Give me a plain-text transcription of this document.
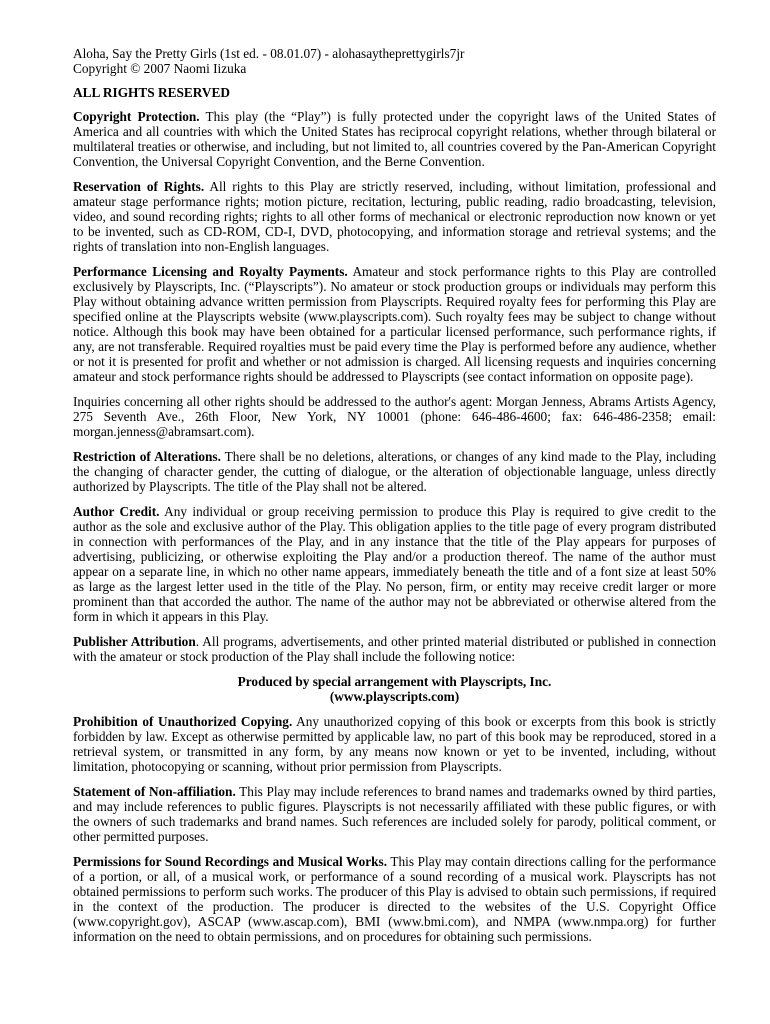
Aloha, Say the Pretty Girls (1st ed. - 08.01.07) - alohasaytheprettygirls7jr
Copyright © 2007 Naomi Iizuka
ALL RIGHTS RESERVED

Copyright Protection. This play (the “Play”) is fully protected under the copyright laws of the United States of America and all countries with which the United States has reciprocal copyright relations, whether through bilateral or multilateral treaties or otherwise, and including, but not limited to, all countries covered by the Pan-American Copyright Convention, the Universal Copyright Convention, and the Berne Convention.

Reservation of Rights. All rights to this Play are strictly reserved, including, without limitation, professional and amateur stage performance rights; motion picture, recitation, lecturing, public reading, radio broadcasting, television, video, and sound recording rights; rights to all other forms of mechanical or electronic reproduction now known or yet to be invented, such as CD-ROM, CD-I, DVD, photocopying, and information storage and retrieval systems; and the rights of translation into non-English languages.

Performance Licensing and Royalty Payments. Amateur and stock performance rights to this Play are controlled exclusively by Playscripts, Inc. (“Playscripts”). No amateur or stock production groups or individuals may perform this Play without obtaining advance written permission from Playscripts. Required royalty fees for performing this Play are specified online at the Playscripts website (www.playscripts.com). Such royalty fees may be subject to change without notice. Although this book may have been obtained for a particular licensed performance, such performance rights, if any, are not transferable. Required royalties must be paid every time the Play is performed before any audience, whether or not it is presented for profit and whether or not admission is charged. All licensing requests and inquiries concerning amateur and stock performance rights should be addressed to Playscripts (see contact information on opposite page).

Inquiries concerning all other rights should be addressed to the author's agent: Morgan Jenness, Abrams Artists Agency, 275 Seventh Ave., 26th Floor, New York, NY 10001 (phone: 646-486-4600; fax: 646-486-2358; email: morgan.jenness@abramsart.com).

Restriction of Alterations. There shall be no deletions, alterations, or changes of any kind made to the Play, including the changing of character gender, the cutting of dialogue, or the alteration of objectionable language, unless directly authorized by Playscripts. The title of the Play shall not be altered.

Author Credit. Any individual or group receiving permission to produce this Play is required to give credit to the author as the sole and exclusive author of the Play. This obligation applies to the title page of every program distributed in connection with performances of the Play, and in any instance that the title of the Play appears for purposes of advertising, publicizing, or otherwise exploiting the Play and/or a production thereof. The name of the author must appear on a separate line, in which no other name appears, immediately beneath the title and of a font size at least 50% as large as the largest letter used in the title of the Play. No person, firm, or entity may receive credit larger or more prominent than that accorded the author. The name of the author may not be abbreviated or otherwise altered from the form in which it appears in this Play.

Publisher Attribution. All programs, advertisements, and other printed material distributed or published in connection with the amateur or stock production of the Play shall include the following notice:

Produced by special arrangement with Playscripts, Inc.
(www.playscripts.com)

Prohibition of Unauthorized Copying. Any unauthorized copying of this book or excerpts from this book is strictly forbidden by law. Except as otherwise permitted by applicable law, no part of this book may be reproduced, stored in a retrieval system, or transmitted in any form, by any means now known or yet to be invented, including, without limitation, photocopying or scanning, without prior permission from Playscripts.

Statement of Non-affiliation. This Play may include references to brand names and trademarks owned by third parties, and may include references to public figures. Playscripts is not necessarily affiliated with these public figures, or with the owners of such trademarks and brand names. Such references are included solely for parody, political comment, or other permitted purposes.

Permissions for Sound Recordings and Musical Works. This Play may contain directions calling for the performance of a portion, or all, of a musical work, or performance of a sound recording of a musical work. Playscripts has not obtained permissions to perform such works. The producer of this Play is advised to obtain such permissions, if required in the context of the production. The producer is directed to the websites of the U.S. Copyright Office (www.copyright.gov), ASCAP (www.ascap.com), BMI (www.bmi.com), and NMPA (www.nmpa.org) for further information on the need to obtain permissions, and on procedures for obtaining such permissions.
